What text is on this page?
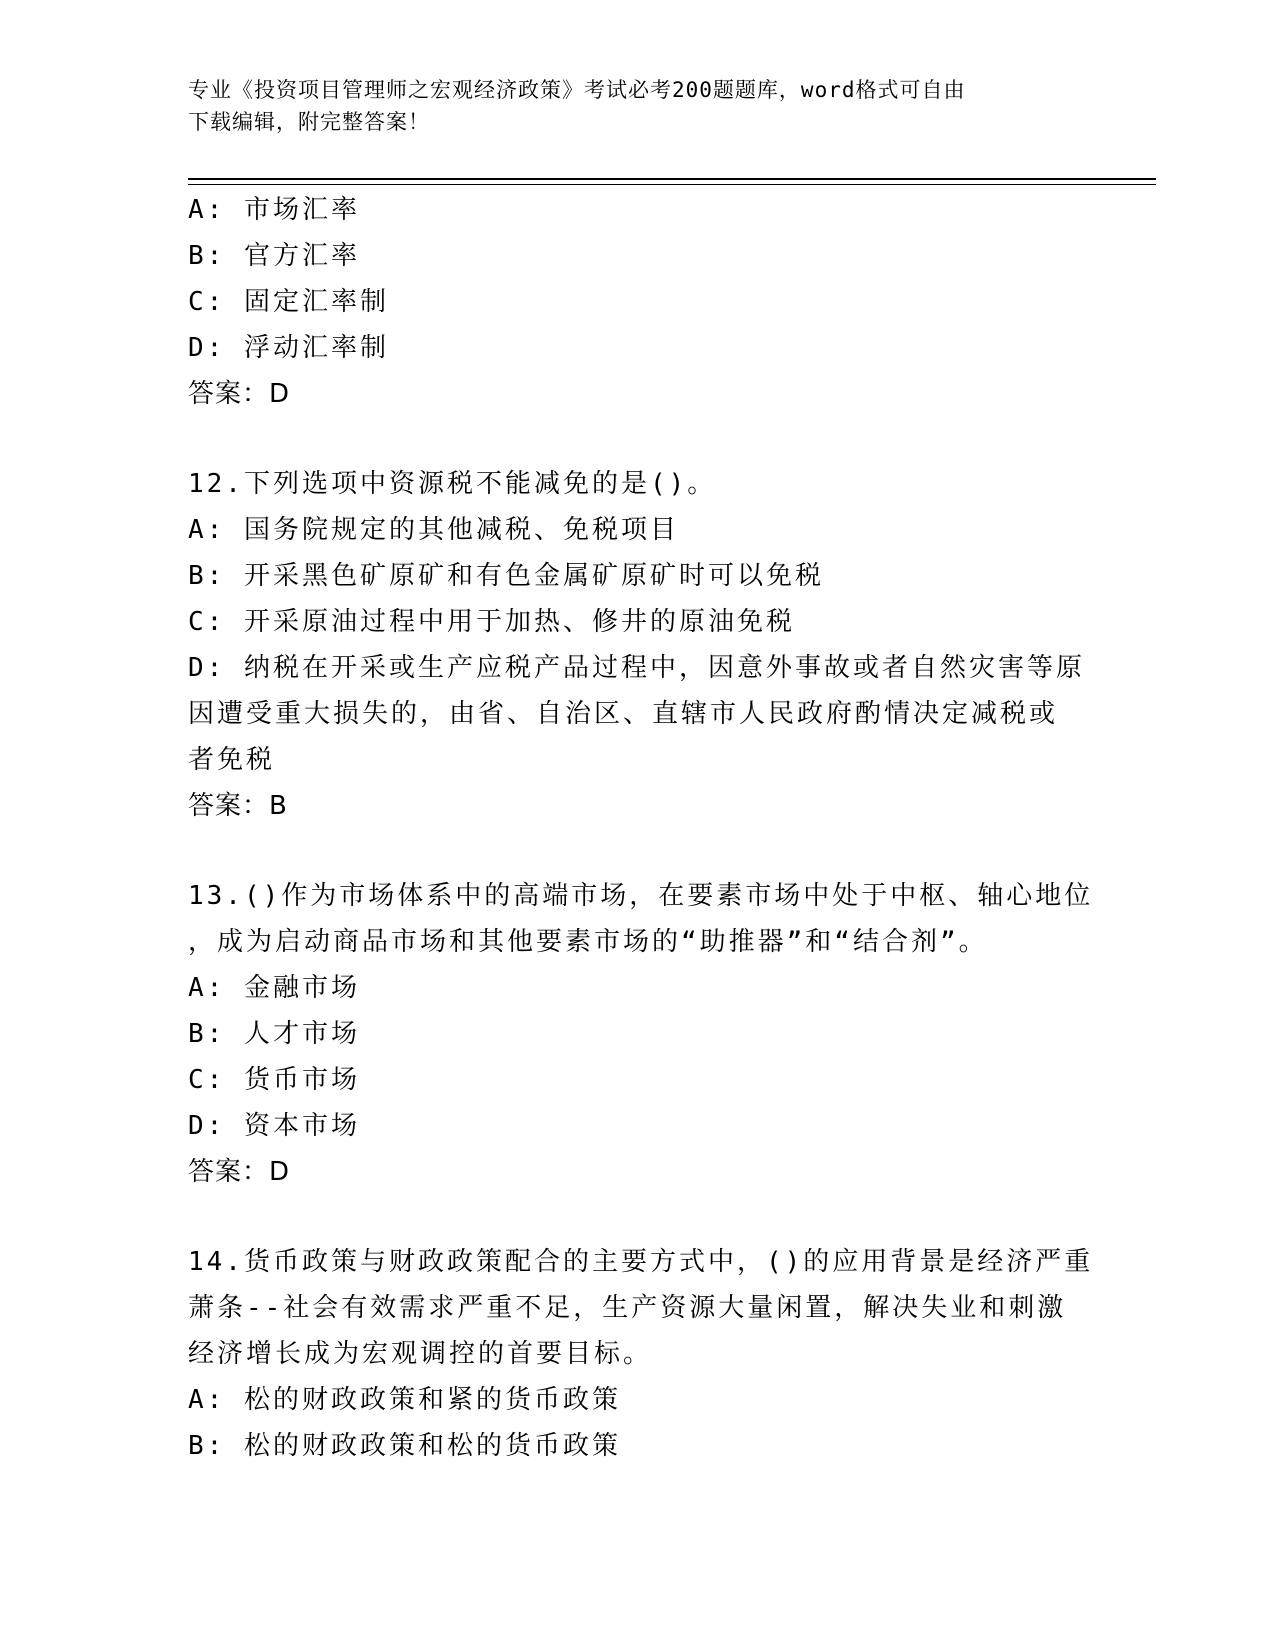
专业《投资项目管理师之宏观经济政策》考试必考200题题库，word格式可自由
下载编辑，附完整答案！
A: 市场汇率
B: 官方汇率
C: 固定汇率制
D: 浮动汇率制
答案：D
12.下列选项中资源税不能减免的是()。
A: 国务院规定的其他减税、免税项目
B: 开采黑色矿原矿和有色金属矿原矿时可以免税
C: 开采原油过程中用于加热、修井的原油免税
D: 纳税在开采或生产应税产品过程中，因意外事故或者自然灾害等原
因遭受重大损失的，由省、自治区、直辖市人民政府酌情决定减税或
者免税
答案：B
13.()作为市场体系中的高端市场，在要素市场中处于中枢、轴心地位
，成为启动商品市场和其他要素市场的“助推器”和“结合剂”。
A: 金融市场
B: 人才市场
C: 货币市场
D: 资本市场
答案：D
14.货币政策与财政政策配合的主要方式中，()的应用背景是经济严重
萧条--社会有效需求严重不足，生产资源大量闲置，解决失业和刺激
经济增长成为宏观调控的首要目标。
A: 松的财政政策和紧的货币政策
B: 松的财政政策和松的货币政策
